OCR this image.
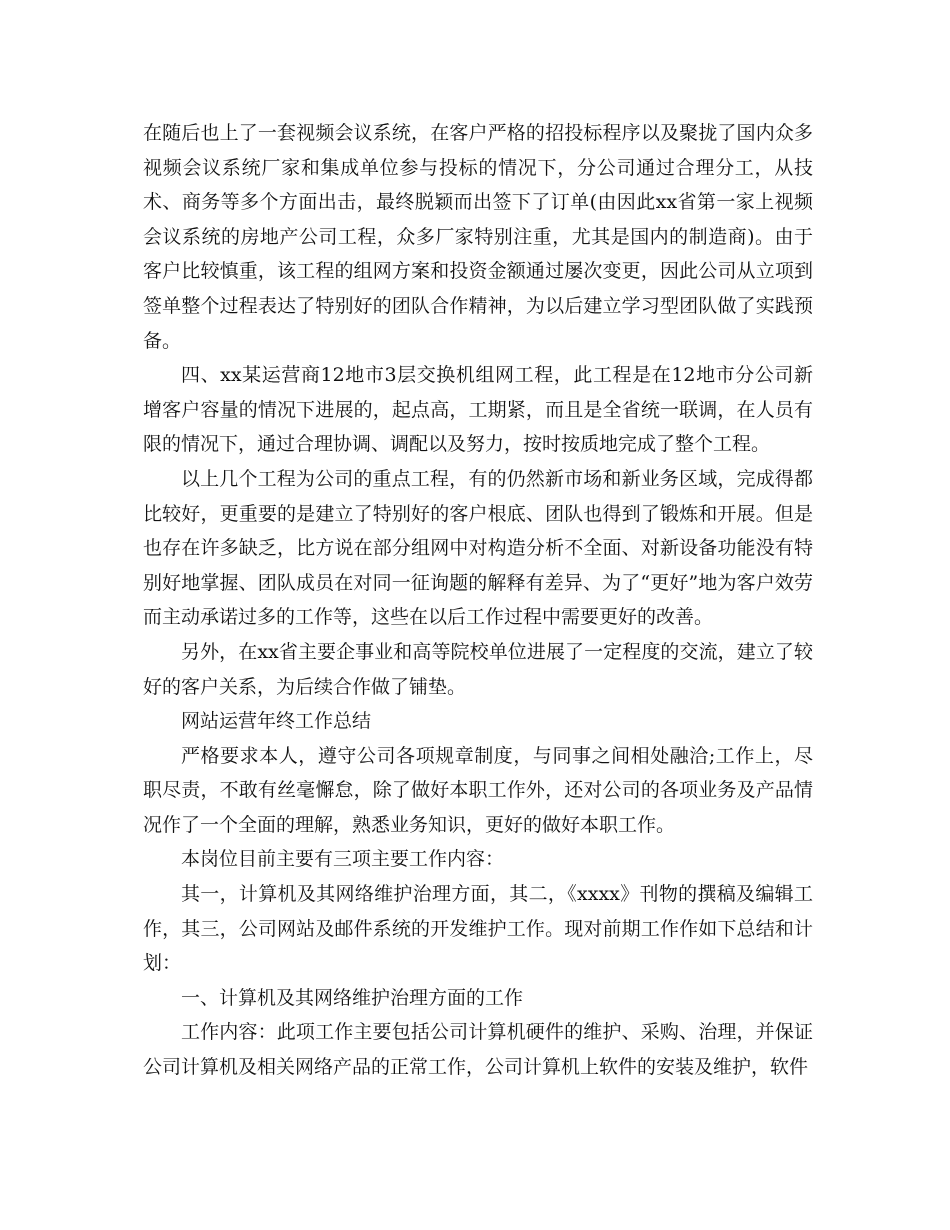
在随后也上了一套视频会议系统，在客户严格的招投标程序以及聚拢了国内众多视频会议系统厂家和集成单位参与投标的情况下，分公司通过合理分工，从技术、商务等多个方面出击，最终脱颖而出签下了订单(由因此xx省第一家上视频会议系统的房地产公司工程，众多厂家特别注重，尤其是国内的制造商)。由于客户比较慎重，该工程的组网方案和投资金额通过屡次变更，因此公司从立项到签单整个过程表达了特别好的团队合作精神，为以后建立学习型团队做了实践预备。

四、xx某运营商12地市3层交换机组网工程，此工程是在12地市分公司新增客户容量的情况下进展的，起点高，工期紧，而且是全省统一联调，在人员有限的情况下，通过合理协调、调配以及努力，按时按质地完成了整个工程。

以上几个工程为公司的重点工程，有的仍然新市场和新业务区域，完成得都比较好，更重要的是建立了特别好的客户根底、团队也得到了锻炼和开展。但是也存在许多缺乏，比方说在部分组网中对构造分析不全面、对新设备功能没有特别好地掌握、团队成员在对同一征询题的解释有差异、为了“更好”地为客户效劳而主动承诺过多的工作等，这些在以后工作过程中需要更好的改善。

另外，在xx省主要企事业和高等院校单位进展了一定程度的交流，建立了较好的客户关系，为后续合作做了铺垫。

网站运营年终工作总结

严格要求本人，遵守公司各项规章制度，与同事之间相处融洽;工作上，尽职尽责，不敢有丝毫懈怠，除了做好本职工作外，还对公司的各项业务及产品情况作了一个全面的理解，熟悉业务知识，更好的做好本职工作。

本岗位目前主要有三项主要工作内容：

其一，计算机及其网络维护治理方面，其二，《xxxx》刊物的撰稿及编辑工作，其三，公司网站及邮件系统的开发维护工作。现对前期工作作如下总结和计划：

一、计算机及其网络维护治理方面的工作

工作内容：此项工作主要包括公司计算机硬件的维护、采购、治理，并保证公司计算机及相关网络产品的正常工作，公司计算机上软件的安装及维护，软件
